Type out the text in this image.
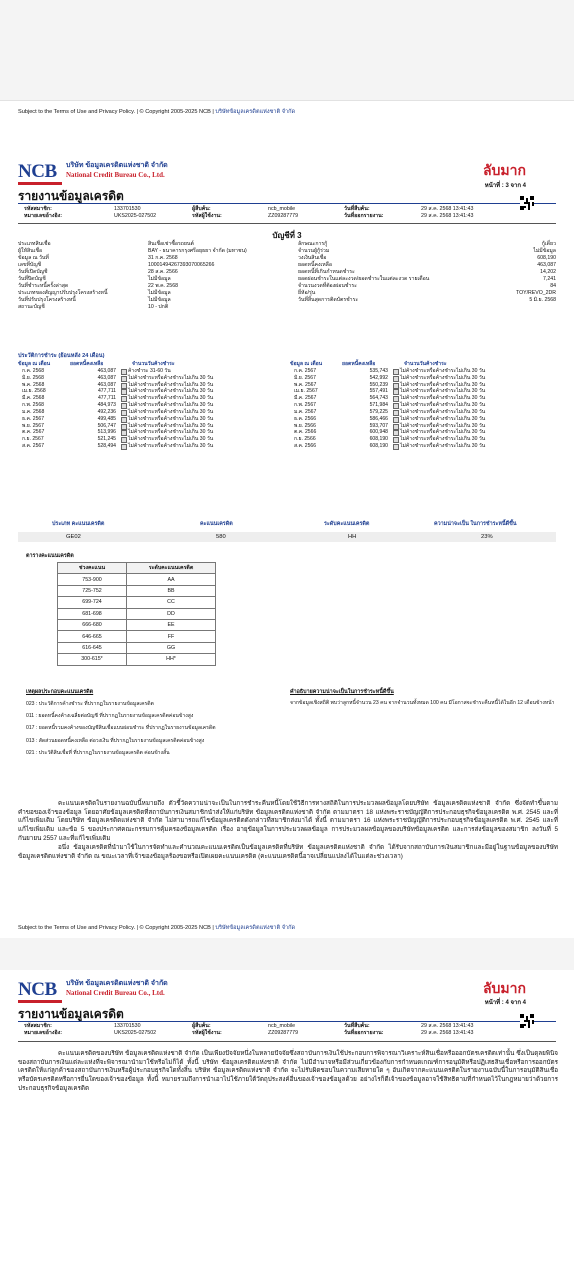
Subject to the Terms of Use and Privacy Policy. | © Copyright 2005-2025 NCB | บริษัทข้อมูลเครดิตแห่งชาติ จำกัด
NCB	บริษัท ข้อมูลเครดิตแห่งชาติ จำกัด
National Credit Bureau Co., Ltd.	ลับมาก
หน้าที่ : 3 จาก 4
รายงานข้อมูลเครดิต
รหัสสมาชิก:	133701530
หมายเลขอ้างอิง:	UKS2025-027502
ผู้สืบค้น:	ncb_mobile
รหัสผู้ใช้งาน:	ZZ09287779
วันที่สืบค้น:	29 ส.ค. 2568 13:41:43
วันที่ออกรายงาน:	29 ส.ค. 2568 13:41:43
บัญชีที่ 3
ประเภทสินเชื่อ	สินเชื่อเช่าซื้อรถยนต์
ผู้ให้สินเชื่อ	BAY - ธนาคารกรุงศรีอยุธยา จำกัด (มหาชน)
ข้อมูล ณ วันที่	31 ก.ค. 2568
เลขที่บัญชี	10001494267393070065266
วันที่เปิดบัญชี	28 ส.ค. 2566
วันที่ปิดบัญชี	ไม่มีข้อมูล
วันที่ชำระหนี้ครั้งล่าสุด	22 พ.ค. 2568
ประเภทของสัญญาปรับปรุงโครงสร้างหนี้	ไม่มีข้อมูล
วันที่ปรับปรุงโครงสร้างหนี้	ไม่มีข้อมูล
สถานะบัญชี	10 - ปกติ
ลักษณะการกู้	กู้เดี่ยว
จำนวนผู้กู้ร่วม	ไม่มีข้อมูล
วงเงินสินเชื่อ	608,190
ยอดหนี้คงเหลือ	463,087
ยอดหนี้ที่เกินกำหนดชำระ	14,202
ยอดผ่อนชำระในแต่ละงวด/ยอดชำระในแต่ละงวด รายเดือน	7,241
จำนวนงวดที่ต้องผ่อนชำระ	84
ยี่ห้อ/รุ่น	TOY/REVO_2DR
วันที่สิ้นสุดการติดบัตรชำระ	5 มิ.ย. 2568
ประวัติการชำระ (ย้อนหลัง 24 เดือน)
ข้อมูล ณ เดือน	ยอดหนี้คงเหลือ	จำนวนวันค้างชำระ
ก.ค. 2568	463,087 ค้างชำระ 31-60 วัน
มิ.ย. 2568	463,087 ไม่ค้างชำระหรือค้างชำระไม่เกิน 30 วัน
พ.ค. 2568	463,087 ไม่ค้างชำระหรือค้างชำระไม่เกิน 30 วัน
เม.ย. 2568	477,711 ไม่ค้างชำระหรือค้างชำระไม่เกิน 30 วัน
มี.ค. 2568	477,711 ไม่ค้างชำระหรือค้างชำระไม่เกิน 30 วัน
ก.พ. 2568	484,973 ไม่ค้างชำระหรือค้างชำระไม่เกิน 30 วัน
ม.ค. 2568	492,236 ไม่ค้างชำระหรือค้างชำระไม่เกิน 30 วัน
ธ.ค. 2567	499,485 ไม่ค้างชำระหรือค้างชำระไม่เกิน 30 วัน
พ.ย. 2567	506,747 ไม่ค้างชำระหรือค้างชำระไม่เกิน 30 วัน
ต.ค. 2567	513,996 ไม่ค้างชำระหรือค้างชำระไม่เกิน 30 วัน
ก.ย. 2567	521,245 ไม่ค้างชำระหรือค้างชำระไม่เกิน 30 วัน
ส.ค. 2567	528,494 ไม่ค้างชำระหรือค้างชำระไม่เกิน 30 วัน
ข้อมูล ณ เดือน	ยอดหนี้คงเหลือ	จำนวนวันค้างชำระ
ก.ค. 2567	535,743 ไม่ค้างชำระหรือค้างชำระไม่เกิน 30 วัน
มิ.ย. 2567	542,992 ไม่ค้างชำระหรือค้างชำระไม่เกิน 30 วัน
พ.ค. 2567	550,239 ไม่ค้างชำระหรือค้างชำระไม่เกิน 30 วัน
เม.ย. 2567	557,491 ไม่ค้างชำระหรือค้างชำระไม่เกิน 30 วัน
มี.ค. 2567	564,743 ไม่ค้างชำระหรือค้างชำระไม่เกิน 30 วัน
ก.พ. 2567	571,984 ไม่ค้างชำระหรือค้างชำระไม่เกิน 30 วัน
ม.ค. 2567	579,225 ไม่ค้างชำระหรือค้างชำระไม่เกิน 30 วัน
ธ.ค. 2566	586,466 ไม่ค้างชำระหรือค้างชำระไม่เกิน 30 วัน
พ.ย. 2566	593,707 ไม่ค้างชำระหรือค้างชำระไม่เกิน 30 วัน
ต.ค. 2566	600,948 ไม่ค้างชำระหรือค้างชำระไม่เกิน 30 วัน
ก.ย. 2566	608,190 ไม่ค้างชำระหรือค้างชำระไม่เกิน 30 วัน
ส.ค. 2566	608,190 ไม่ค้างชำระหรือค้างชำระไม่เกิน 30 วัน
ประเภท คะแนนเครดิต	คะแนนเครดิต	ระดับคะแนนเครดิต	ความน่าจะเป็น ในการชำระหนี้ดีขึ้น
GE02	580	HH	23%
ตารางคะแนนเครดิต
ช่วงคะแนน	ระดับคะแนนเครดิต
753-900	AA
725-752	BB
699-724	CC
681-698	DD
666-680	EE
646-665	FF
616-645	GG
300-615*	HH*
เหตุผลประกอบคะแนนเครดิต
023 : ประวัติการค้างชำระ ที่ปรากฏในรายงานข้อมูลเครดิต
011 : ยอดหนี้คงค้างเฉลี่ยต่อบัญชี ที่ปรากฏในรายงานข้อมูลเครดิตค่อนข้างสูง
017 : ยอดหนี้รวมคงค้างของบัญชีสินเชื่อแบบผ่อนชำระ ที่ปรากฏในรายงานข้อมูลเครดิต
013 : สัดส่วนยอดหนี้คงเหลือ ต่อวงเงิน ที่ปรากฏในรายงานข้อมูลเครดิตค่อนข้างสูง
021 : ประวัติสินเชื่อที่ ที่ปรากฏในรายงานข้อมูลเครดิต ค่อนข้างสั้น
คำอธิบายความน่าจะเป็นในการชำระหนี้ดีขึ้น
จากข้อมูลเชิงสถิติ พบว่าลูกหนี้จำนวน 23 คน จากจำนวนทั้งหมด 100 คน มีโอกาสจะชำระคืนหนี้ได้ในอีก 12 เดือนข้างหน้า
คะแนนเครดิตในรายงานฉบับนี้หมายถึง ตัวชี้วัดความน่าจะเป็นในการชำระคืนหนี้โดยใช้วิธีการทางสถิติในการประมวลผลข้อมูลโดยบริษัท ข้อมูลเครดิตแห่งชาติ จำกัด ซึ่งจัดทำขึ้นตามคำขอของเจ้าของข้อมูล โดยอาศัยข้อมูลเครดิตที่สถาบันการเงินสมาชิกนำส่งให้แก่บริษัท ข้อมูลเครดิตแห่งชาติ จำกัด ตามมาตรา 18 แห่งพระราชบัญญัติการประกอบธุรกิจข้อมูลเครดิต พ.ศ. 2545 และที่แก้ไขเพิ่มเติม โดยบริษัท ข้อมูลเครดิตแห่งชาติ จำกัด ไม่สามารถแก้ไขข้อมูลเครดิตดังกล่าวที่สมาชิกส่งมาได้ ทั้งนี้ ตามมาตรา 16 แห่งพระราชบัญญัติการประกอบธุรกิจข้อมูลเครดิต พ.ศ. 2545 และที่แก้ไขเพิ่มเติม และข้อ 5 ของประกาศคณะกรรมการคุ้มครองข้อมูลเครดิต เรื่อง อายุข้อมูลในการประมวลผลข้อมูล การประมวลผลข้อมูลของบริษัทข้อมูลเครดิต และการส่งข้อมูลของสมาชิก ลงวันที่ 5 กันยายน 2557 และที่แก้ไขเพิ่มเติม
อนึ่ง ข้อมูลเครดิตที่นำมาใช้ในการจัดทำและคำนวณคะแนนเครดิตเป็นข้อมูลเครดิตที่บริษัท ข้อมูลเครดิตแห่งชาติ จำกัด ได้รับจากสถาบันการเงินสมาชิกและมีอยู่ในฐานข้อมูลของบริษัท ข้อมูลเครดิตแห่งชาติ จำกัด ณ ขณะเวลาที่เจ้าของข้อมูลร้องขอหรือเปิดเผยคะแนนเครดิต (คะแนนเครดิตนี้อาจเปลี่ยนแปลงได้ในแต่ละช่วงเวลา)
Subject to the Terms of Use and Privacy Policy. | © Copyright 2005-2025 NCB | บริษัทข้อมูลเครดิตแห่งชาติ จำกัด
NCB	บริษัท ข้อมูลเครดิตแห่งชาติ จำกัด
National Credit Bureau Co., Ltd.	ลับมาก
หน้าที่ : 4 จาก 4
รายงานข้อมูลเครดิต
รหัสสมาชิก:	133701530
หมายเลขอ้างอิง:	UKS2025-027502
ผู้สืบค้น:	ncb_mobile
รหัสผู้ใช้งาน:	ZZ09287779
วันที่สืบค้น:	29 ส.ค. 2568 13:41:43
วันที่ออกรายงาน:	29 ส.ค. 2568 13:41:43
คะแนนเครดิตของบริษัท ข้อมูลเครดิตแห่งชาติ จำกัด เป็นเพียงปัจจัยหนึ่งในหลายปัจจัยซึ่งสถาบันการเงินใช้ประกอบการพิจารณาวิเคราะห์สินเชื่อหรือออกบัตรเครดิตเท่านั้น ซึ่งเป็นดุลยพินิจของสถาบันการเงินแต่ละแห่งที่จะพิจารณานำมาใช้หรือไม่ก็ได้ ทั้งนี้ บริษัท ข้อมูลเครดิตแห่งชาติ จำกัด ไม่มีอำนาจหรือมีส่วนเกี่ยวข้องกับการกำหนดเกณฑ์การอนุมัติหรือปฏิเสธสินเชื่อหรือการออกบัตรเครดิตให้แก่ลูกค้าของสถาบันการเงินหรือผู้ประกอบธุรกิจใดทั้งสิ้น บริษัท ข้อมูลเครดิตแห่งชาติ จำกัด จะไม่รับผิดชอบในความเสียหายใด ๆ อันเกิดจากคะแนนเครดิตในรายงานฉบับนี้ในการอนุมัติสินเชื่อหรือบัตรเครดิตหรือการยื่นใดของเจ้าของข้อมูล ทั้งนี้ หมายรวมถึงการนำเอาไปใช้ภายใต้วัตถุประสงค์อื่นของเจ้าของข้อมูลด้วย อย่างไรก็ดีเจ้าของข้อมูลอาจใช้สิทธิตามที่กำหนดไว้ในกฎหมายว่าด้วยการประกอบธุรกิจข้อมูลเครดิต
